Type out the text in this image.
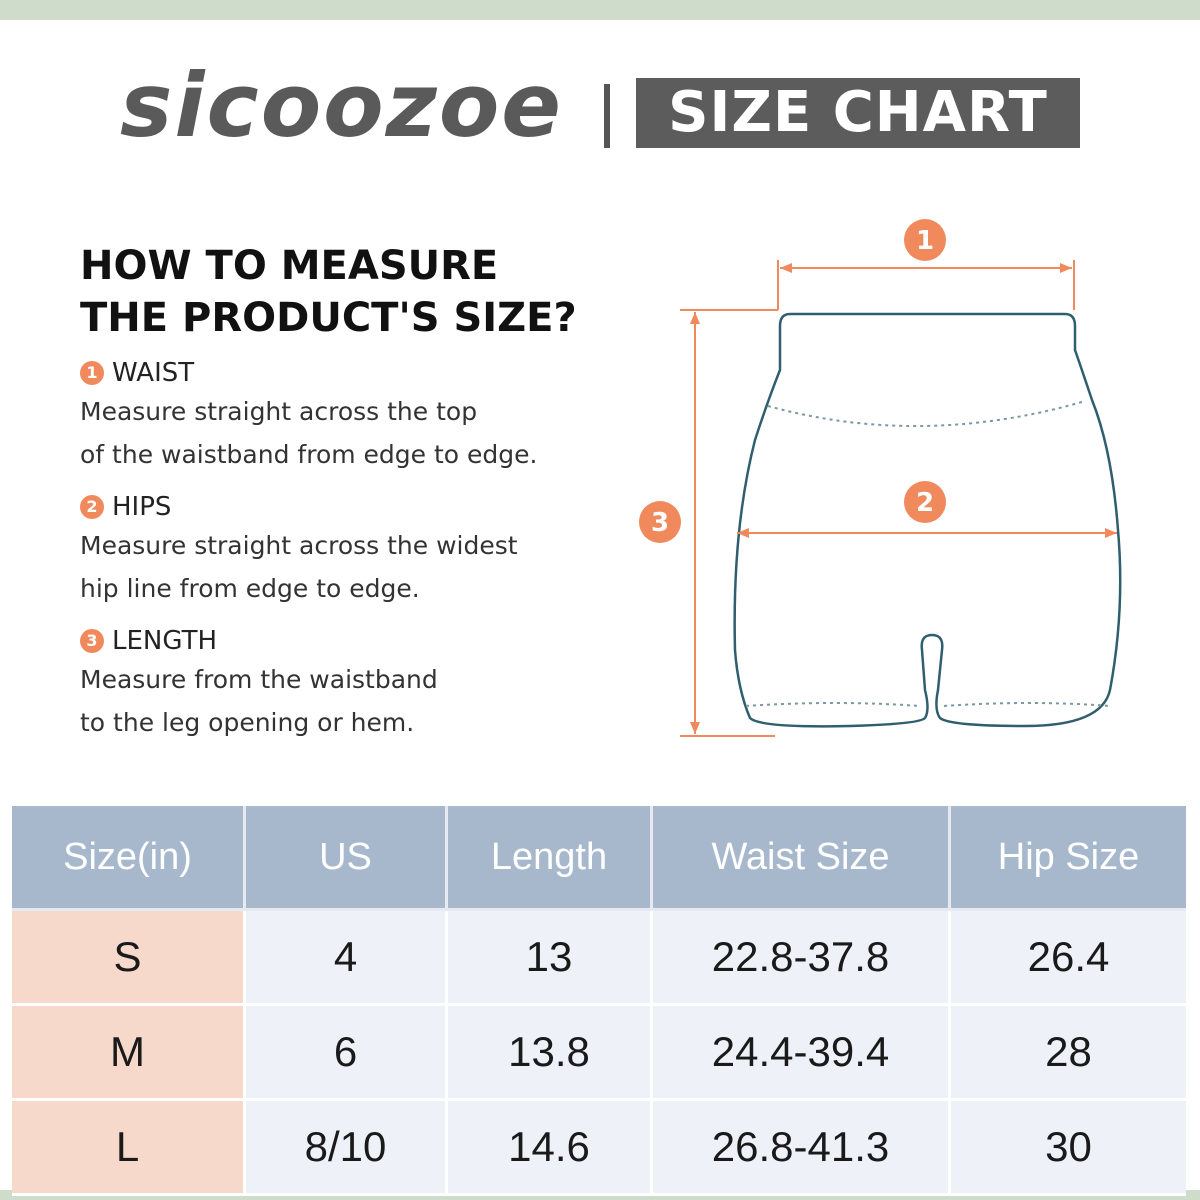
sicoozoe	SIZE CHART
HOW TO MEASURE
THE PRODUCT'S SIZE?
1 WAIST
Measure straight across the top
of the waistband from edge to edge.
2 HIPS
Measure straight across the widest
hip line from edge to edge.
3 LENGTH
Measure from the waistband
to the leg opening or hem.
1
3
2
Size(in)	US	Length	Waist Size	Hip Size
S	4	13	22.8-37.8	26.4
M	6	13.8	24.4-39.4	28
L	8/10	14.6	26.8-41.3	30
